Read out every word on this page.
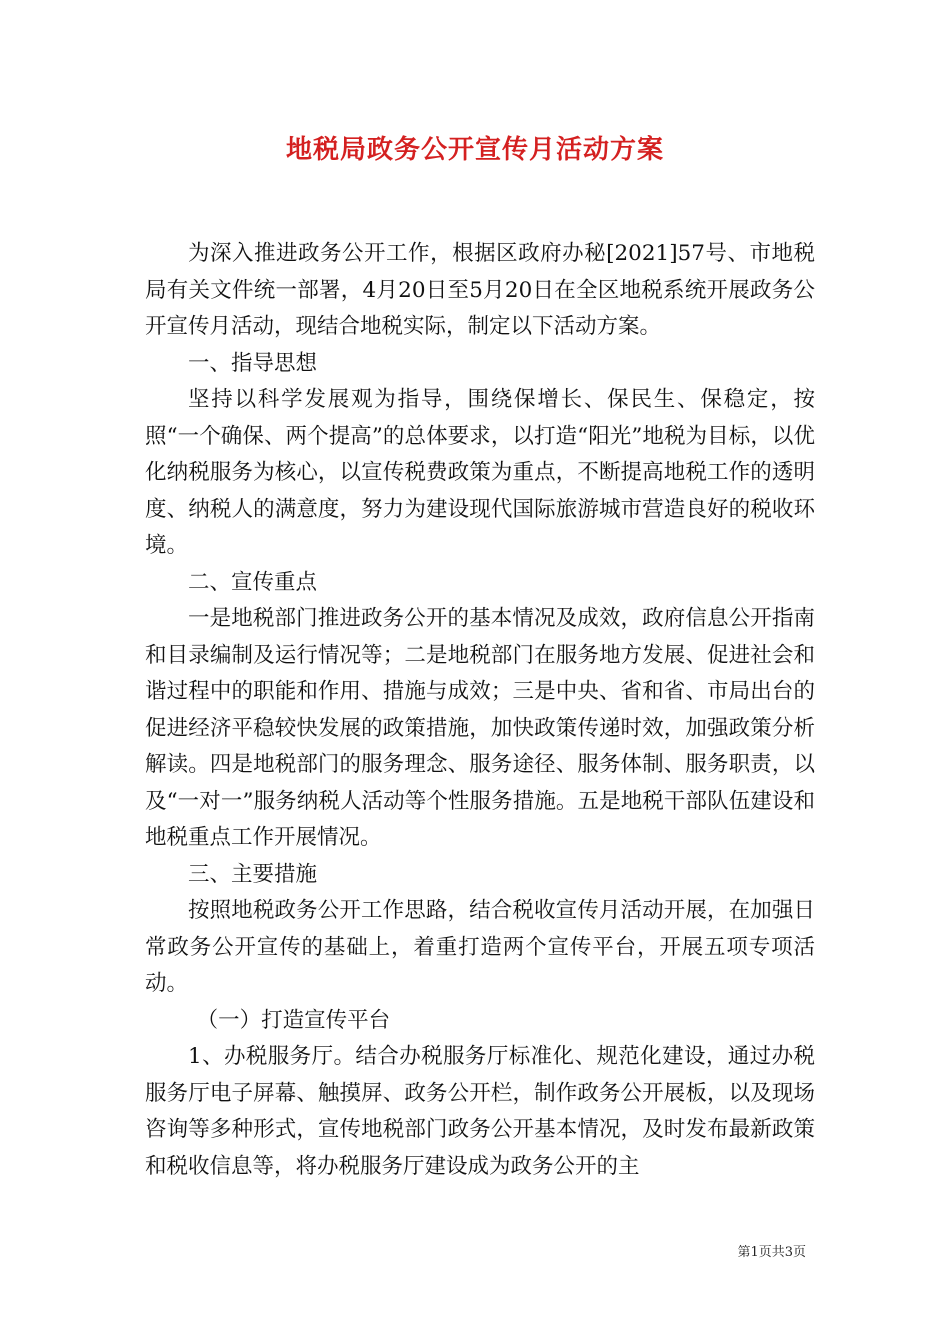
地税局政务公开宣传月活动方案

为深入推进政务公开工作，根据区政府办秘[2021]57号、市地税局有关文件统一部署，4月20日至5月20日在全区地税系统开展政务公开宣传月活动，现结合地税实际，制定以下活动方案。

一、指导思想

坚持以科学发展观为指导，围绕保增长、保民生、保稳定，按照“一个确保、两个提高”的总体要求，以打造“阳光”地税为目标，以优化纳税服务为核心，以宣传税费政策为重点，不断提高地税工作的透明度、纳税人的满意度，努力为建设现代国际旅游城市营造良好的税收环境。

二、宣传重点

一是地税部门推进政务公开的基本情况及成效，政府信息公开指南和目录编制及运行情况等；二是地税部门在服务地方发展、促进社会和谐过程中的职能和作用、措施与成效；三是中央、省和省、市局出台的促进经济平稳较快发展的政策措施，加快政策传递时效，加强政策分析解读。四是地税部门的服务理念、服务途径、服务体制、服务职责，以及“一对一”服务纳税人活动等个性服务措施。五是地税干部队伍建设和地税重点工作开展情况。

三、主要措施

按照地税政务公开工作思路，结合税收宣传月活动开展，在加强日常政务公开宣传的基础上，着重打造两个宣传平台，开展五项专项活动。

（一）打造宣传平台

1、办税服务厅。结合办税服务厅标准化、规范化建设，通过办税服务厅电子屏幕、触摸屏、政务公开栏，制作政务公开展板，以及现场咨询等多种形式，宣传地税部门政务公开基本情况，及时发布最新政策和税收信息等，将办税服务厅建设成为政务公开的主

第1页共3页
